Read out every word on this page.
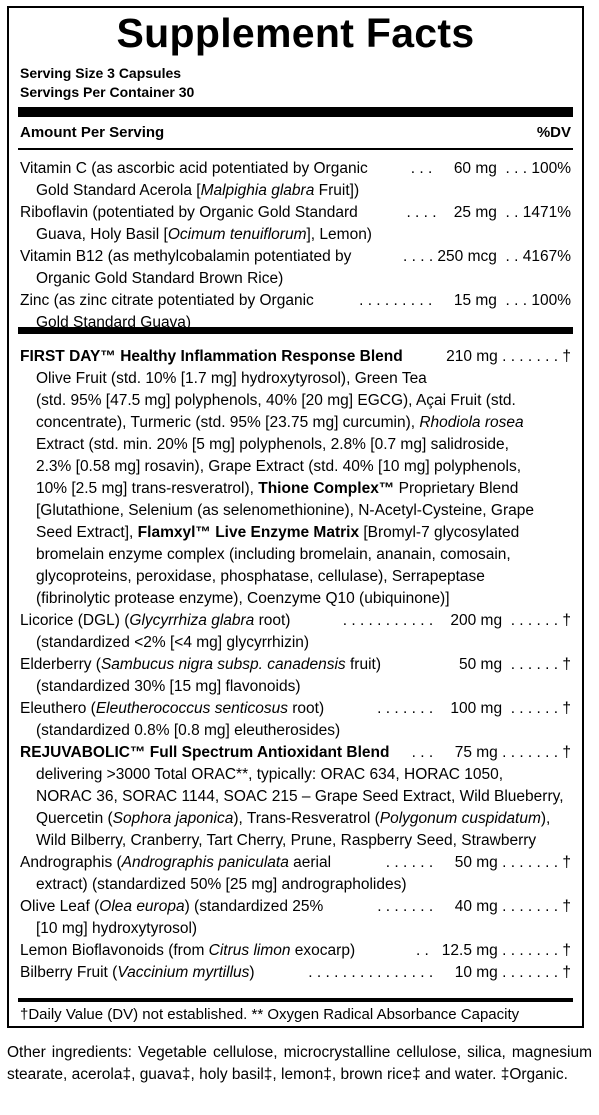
Supplement Facts
Serving Size 3 Capsules
Servings Per Container 30
Amount Per Serving	%DV
Vitamin C (as ascorbic acid potentiated by Organic	. . .     60 mg  . . . 100%
Gold Standard Acerola [Malpighia glabra Fruit])
Riboflavin (potentiated by Organic Gold Standard	. . . .    25 mg  . . 1471%
Guava, Holy Basil [Ocimum tenuiflorum], Lemon)
Vitamin B12 (as methylcobalamin potentiated by	. . . . 250 mcg  . . 4167%
Organic Gold Standard Brown Rice)
Zinc (as zinc citrate potentiated by Organic	. . . . . . . . .     15 mg  . . . 100%
Gold Standard Guava)
FIRST DAY™ Healthy Inflammation Response Blend	210 mg . . . . . . . †
Olive Fruit (std. 10% [1.7 mg] hydroxytyrosol), Green Tea
(std. 95% [47.5 mg] polyphenols, 40% [20 mg] EGCG), Açai Fruit (std.
concentrate), Turmeric (std. 95% [23.75 mg] curcumin), Rhodiola rosea
Extract (std. min. 20% [5 mg] polyphenols, 2.8% [0.7 mg] salidroside,
2.3% [0.58 mg] rosavin), Grape Extract (std. 40% [10 mg] polyphenols,
10% [2.5 mg] trans-resveratrol), Thione Complex™ Proprietary Blend
[Glutathione, Selenium (as selenomethionine), N-Acetyl-Cysteine, Grape
Seed Extract], Flamxyl™ Live Enzyme Matrix [Bromyl-7 glycosylated
bromelain enzyme complex (including bromelain, ananain, comosain,
glycoproteins, peroxidase, phosphatase, cellulase), Serrapeptase
(fibrinolytic protease enzyme), Coenzyme Q10 (ubiquinone)]
Licorice (DGL) (Glycyrrhiza glabra root)	. . . . . . . . . . .    200 mg  . . . . . . †
(standardized <2% [<4 mg] glycyrrhizin)
Elderberry (Sambucus nigra subsp. canadensis fruit)	50 mg  . . . . . . †
(standardized 30% [15 mg] flavonoids)
Eleuthero (Eleutherococcus senticosus root)	. . . . . . .    100 mg  . . . . . . †
(standardized 0.8% [0.8 mg] eleutherosides)
REJUVABOLIC™ Full Spectrum Antioxidant Blend . . .     75 mg . . . . . . . †
delivering >3000 Total ORAC**, typically: ORAC 634, HORAC 1050,
NORAC 36, SORAC 1144, SOAC 215 – Grape Seed Extract, Wild Blueberry,
Quercetin (Sophora japonica), Trans-Resveratrol (Polygonum cuspidatum),
Wild Bilberry, Cranberry, Tart Cherry, Prune, Raspberry Seed, Strawberry
Andrographis (Andrographis paniculata aerial	. . . . . .     50 mg . . . . . . . †
extract) (standardized 50% [25 mg] andrographolides)
Olive Leaf (Olea europa) (standardized 25%	. . . . . . .     40 mg . . . . . . . †
[10 mg] hydroxytyrosol)
Lemon Bioflavonoids (from Citrus limon exocarp)	. .   12.5 mg . . . . . . . †
Bilberry Fruit (Vaccinium myrtillus)	. . . . . . . . . . . . . . .     10 mg . . . . . . . †
†Daily Value (DV) not established. ** Oxygen Radical Absorbance Capacity
Other ingredients: Vegetable cellulose, microcrystalline cellulose, silica, magnesium stearate, acerola‡, guava‡, holy basil‡, lemon‡, brown rice‡ and water. ‡Organic.
